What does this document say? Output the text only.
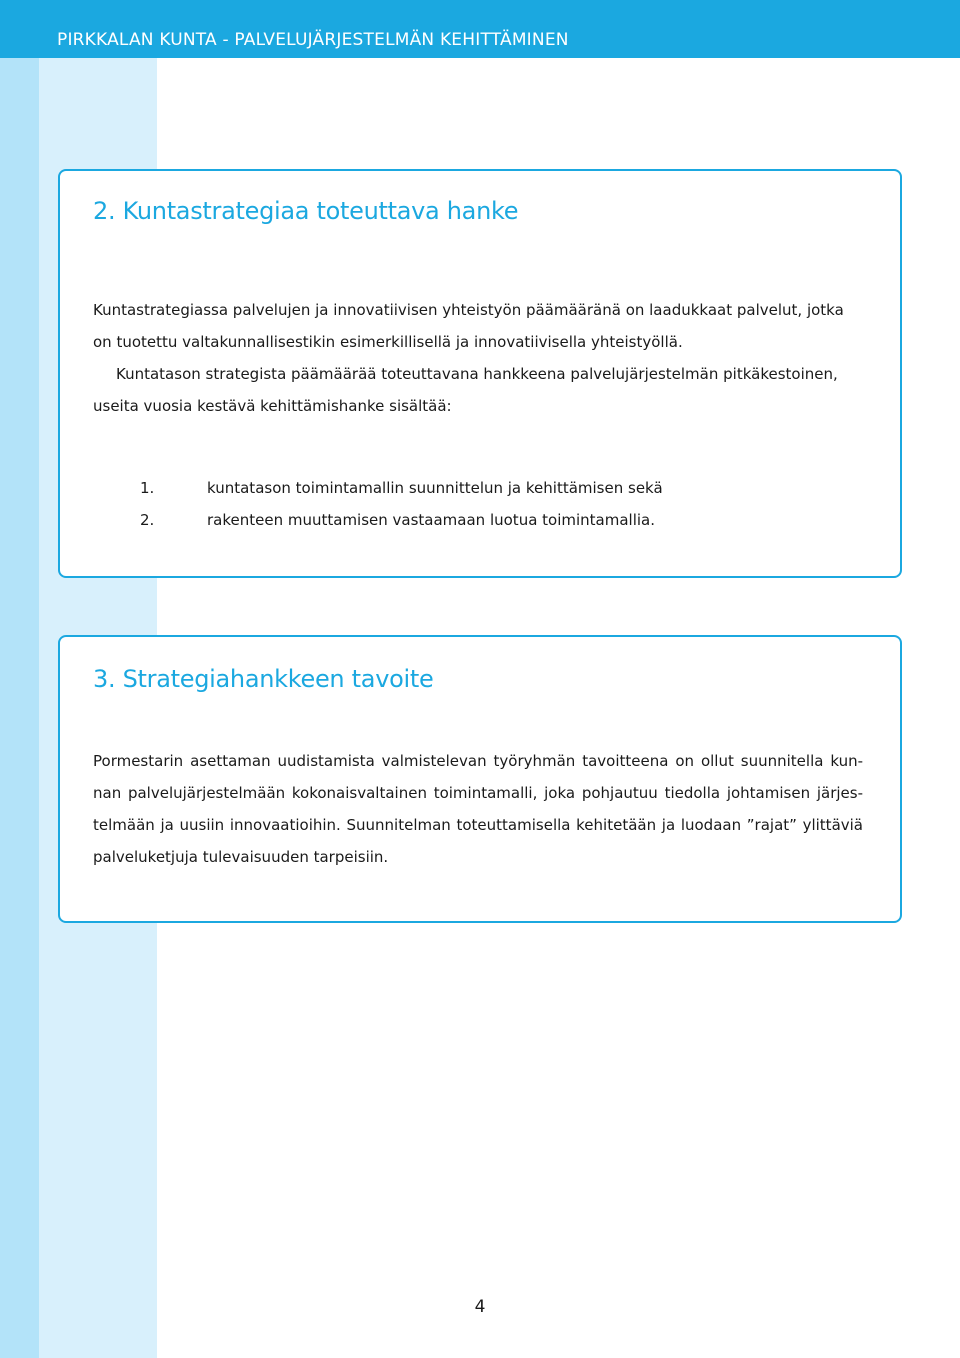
PIRKKALAN KUNTA - PALVELUJÄRJESTELMÄN KEHITTÄMINEN
2. Kuntastrategiaa toteuttava hanke
Kuntastrategiassa palvelujen ja innovatiivisen yhteistyön päämääränä on laadukkaat palvelut, jotka
on tuotettu valtakunnallisestikin esimerkillisellä ja innovatiivisella yhteistyöllä.
Kuntatason strategista päämäärää toteuttavana hankkeena palvelujärjestelmän pitkäkestoinen,
useita vuosia kestävä kehittämishanke sisältää:
1.	kuntatason toimintamallin suunnittelun ja kehittämisen sekä
2.	rakenteen muuttamisen vastaamaan luotua toimintamallia.
3. Strategiahankkeen tavoite
Pormestarin asettaman uudistamista valmistelevan työryhmän tavoitteena on ollut suunnitella kun-
nan palvelujärjestelmään kokonaisvaltainen toimintamalli, joka pohjautuu tiedolla johtamisen järjes-
telmään ja uusiin innovaatioihin. Suunnitelman toteuttamisella kehitetään ja luodaan ”rajat” ylittäviä
palveluketjuja tulevaisuuden tarpeisiin.
4
